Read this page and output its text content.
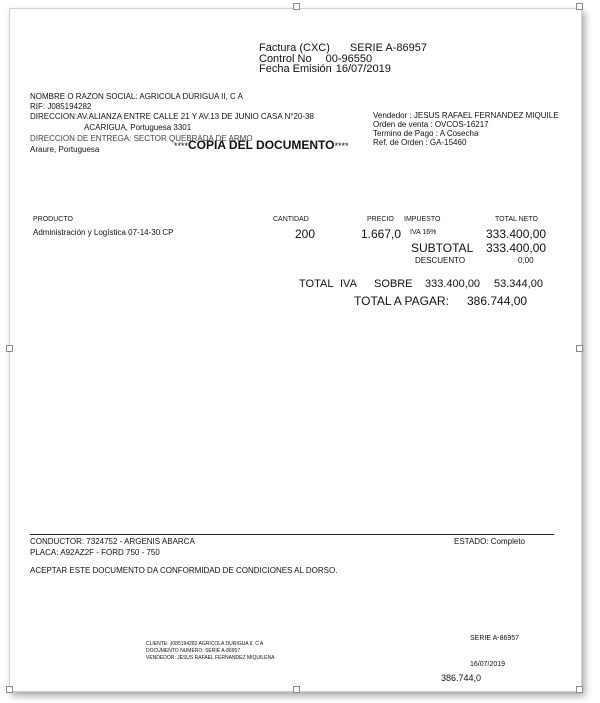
Factura (CXC) SERIE A-86957
Control No 00-96550
Fecha Emisión 16/07/2019
NOMBRE O RAZON SOCIAL: AGRICOLA DURIGUA II, C A
RIF: J085194282
DIRECCION:AV.ALIANZA ENTRE CALLE 21 Y AV.13 DE JUNIO CASA N°20-38
ACARIGUA, Portuguesa 3301
DIRECCION DE ENTREGA: SECTOR QUEBRADA DE ARMO
Araure, Portuguesa
Vendedor : JESUS RAFAEL FERNANDEZ MIQUILE
Orden de venta : OVCOS-16217
Termino de Pago : A Cosecha
Ref. de Orden : GA-15460
****COPIA DEL DOCUMENTO****
PRODUCTO	CANTIDAD	PRECIO IMPUESTO	TOTAL NETO
Administración y Logística 07-14-30 CP	200	1.667,0 IVA 16%	333.400,00
SUBTOTAL 333.400,00
DESCUENTO	0,00
TOTAL IVA SOBRE 333.400,00 53.344,00
TOTAL A PAGAR: 386.744,00
CONDUCTOR: 7324752 - ARGENIS ABARCA	ESTADO: Completo
PLACA: A92AZ2F - FORD 750 - 750
ACEPTAR ESTE DOCUMENTO DA CONFORMIDAD DE CONDICIONES AL DORSO.
CLIENTE: J085194282 AGRICOLA DURIGUA II, C A
DOCUMENTO NUMERO: SERIE A-86957
VENDEDOR: JESUS RAFAEL FERNANDEZ MIQUILENA
SERIE A-86957
16/07/2019
386.744,0
